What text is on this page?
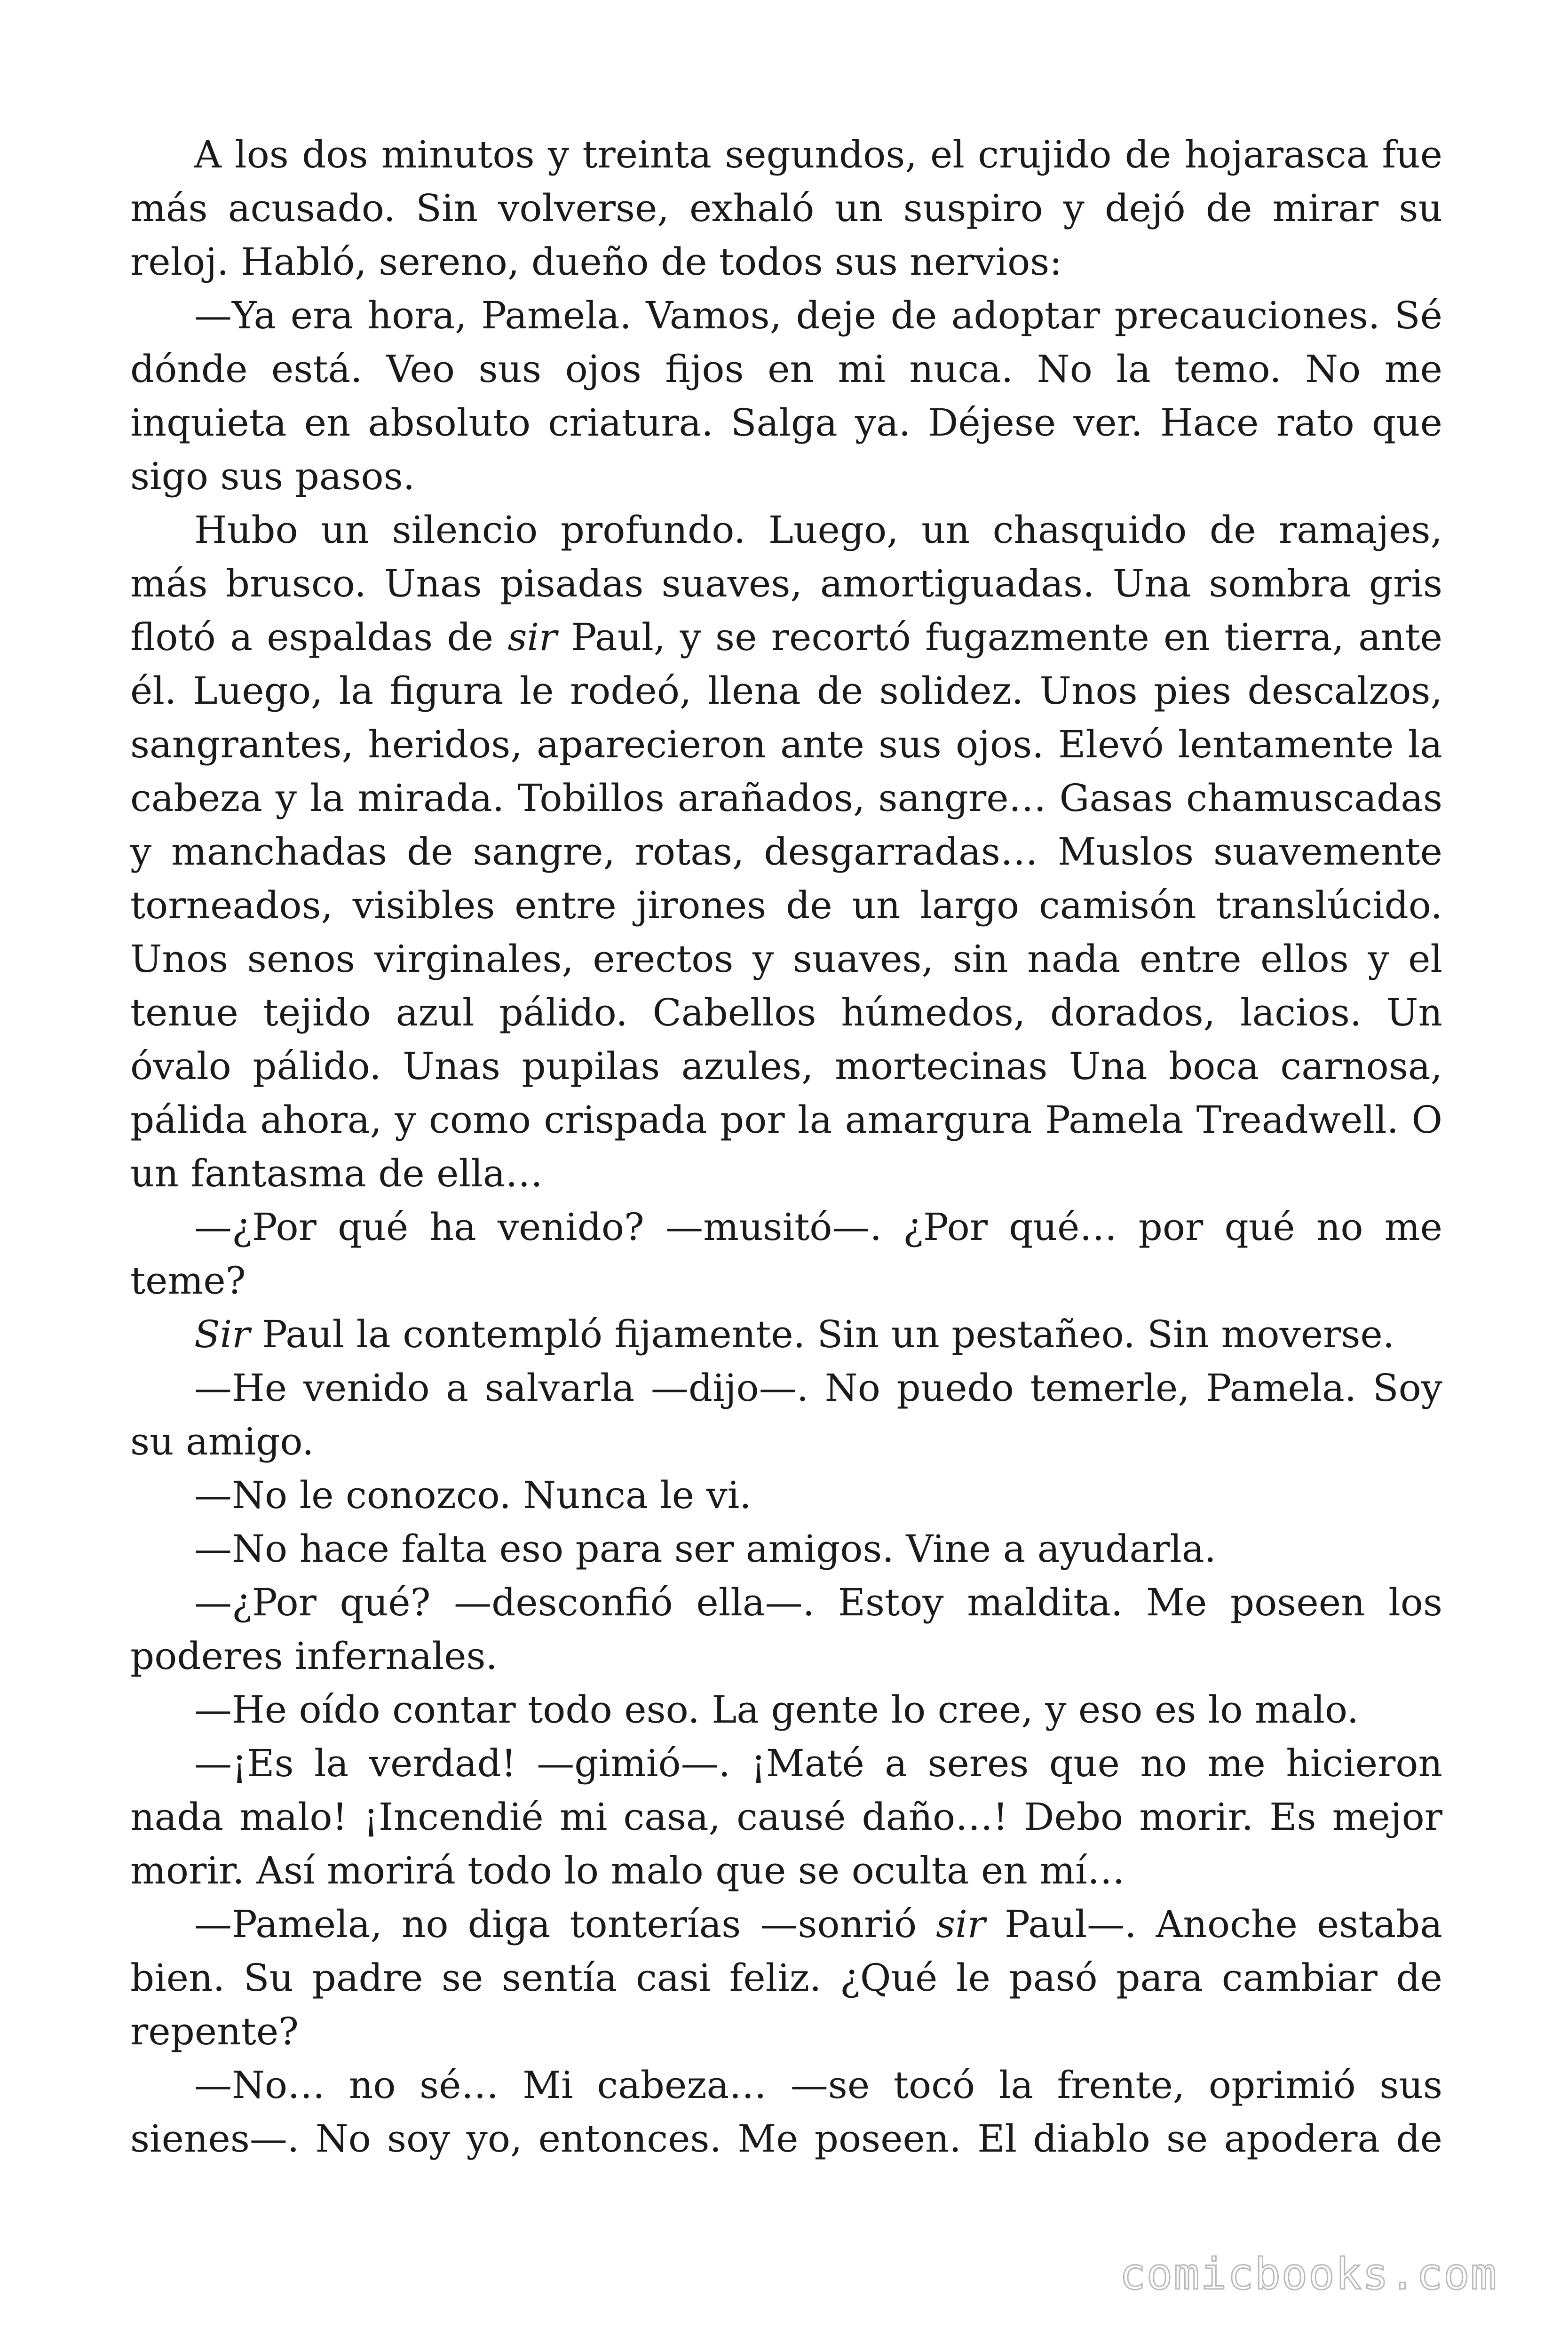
A los dos minutos y treinta segundos, el crujido de hojarasca fue más acusado. Sin volverse, exhaló un suspiro y dejó de mirar su reloj. Habló, sereno, dueño de todos sus nervios:

—Ya era hora, Pamela. Vamos, deje de adoptar precauciones. Sé dónde está. Veo sus ojos fijos en mi nuca. No la temo. No me inquieta en absoluto criatura. Salga ya. Déjese ver. Hace rato que sigo sus pasos.

Hubo un silencio profundo. Luego, un chasquido de ramajes, más brusco. Unas pisadas suaves, amortiguadas. Una sombra gris flotó a espaldas de sir Paul, y se recortó fugazmente en tierra, ante él. Luego, la figura le rodeó, llena de solidez. Unos pies descalzos, sangrantes, heridos, aparecieron ante sus ojos. Elevó lentamente la cabeza y la mirada. Tobillos arañados, sangre… Gasas chamuscadas y manchadas de sangre, rotas, desgarradas… Muslos suavemente torneados, visibles entre jirones de un largo camisón translúcido. Unos senos virginales, erectos y suaves, sin nada entre ellos y el tenue tejido azul pálido. Cabellos húmedos, dorados, lacios. Un óvalo pálido. Unas pupilas azules, mortecinas Una boca carnosa, pálida ahora, y como crispada por la amargura Pamela Treadwell. O un fantasma de ella…

—¿Por qué ha venido? —musitó—. ¿Por qué… por qué no me teme?

Sir Paul la contempló fijamente. Sin un pestañeo. Sin moverse.

—He venido a salvarla —dijo—. No puedo temerle, Pamela. Soy su amigo.

—No le conozco. Nunca le vi.

—No hace falta eso para ser amigos. Vine a ayudarla.

—¿Por qué? —desconfió ella—. Estoy maldita. Me poseen los poderes infernales.

—He oído contar todo eso. La gente lo cree, y eso es lo malo.

—¡Es la verdad! —gimió—. ¡Maté a seres que no me hicieron nada malo! ¡Incendié mi casa, causé daño…! Debo morir. Es mejor morir. Así morirá todo lo malo que se oculta en mí…

—Pamela, no diga tonterías —sonrió sir Paul—. Anoche estaba bien. Su padre se sentía casi feliz. ¿Qué le pasó para cambiar de repente?

—No… no sé… Mi cabeza… —se tocó la frente, oprimió sus sienes—. No soy yo, entonces. Me poseen. El diablo se apodera de

comicbooks.com
